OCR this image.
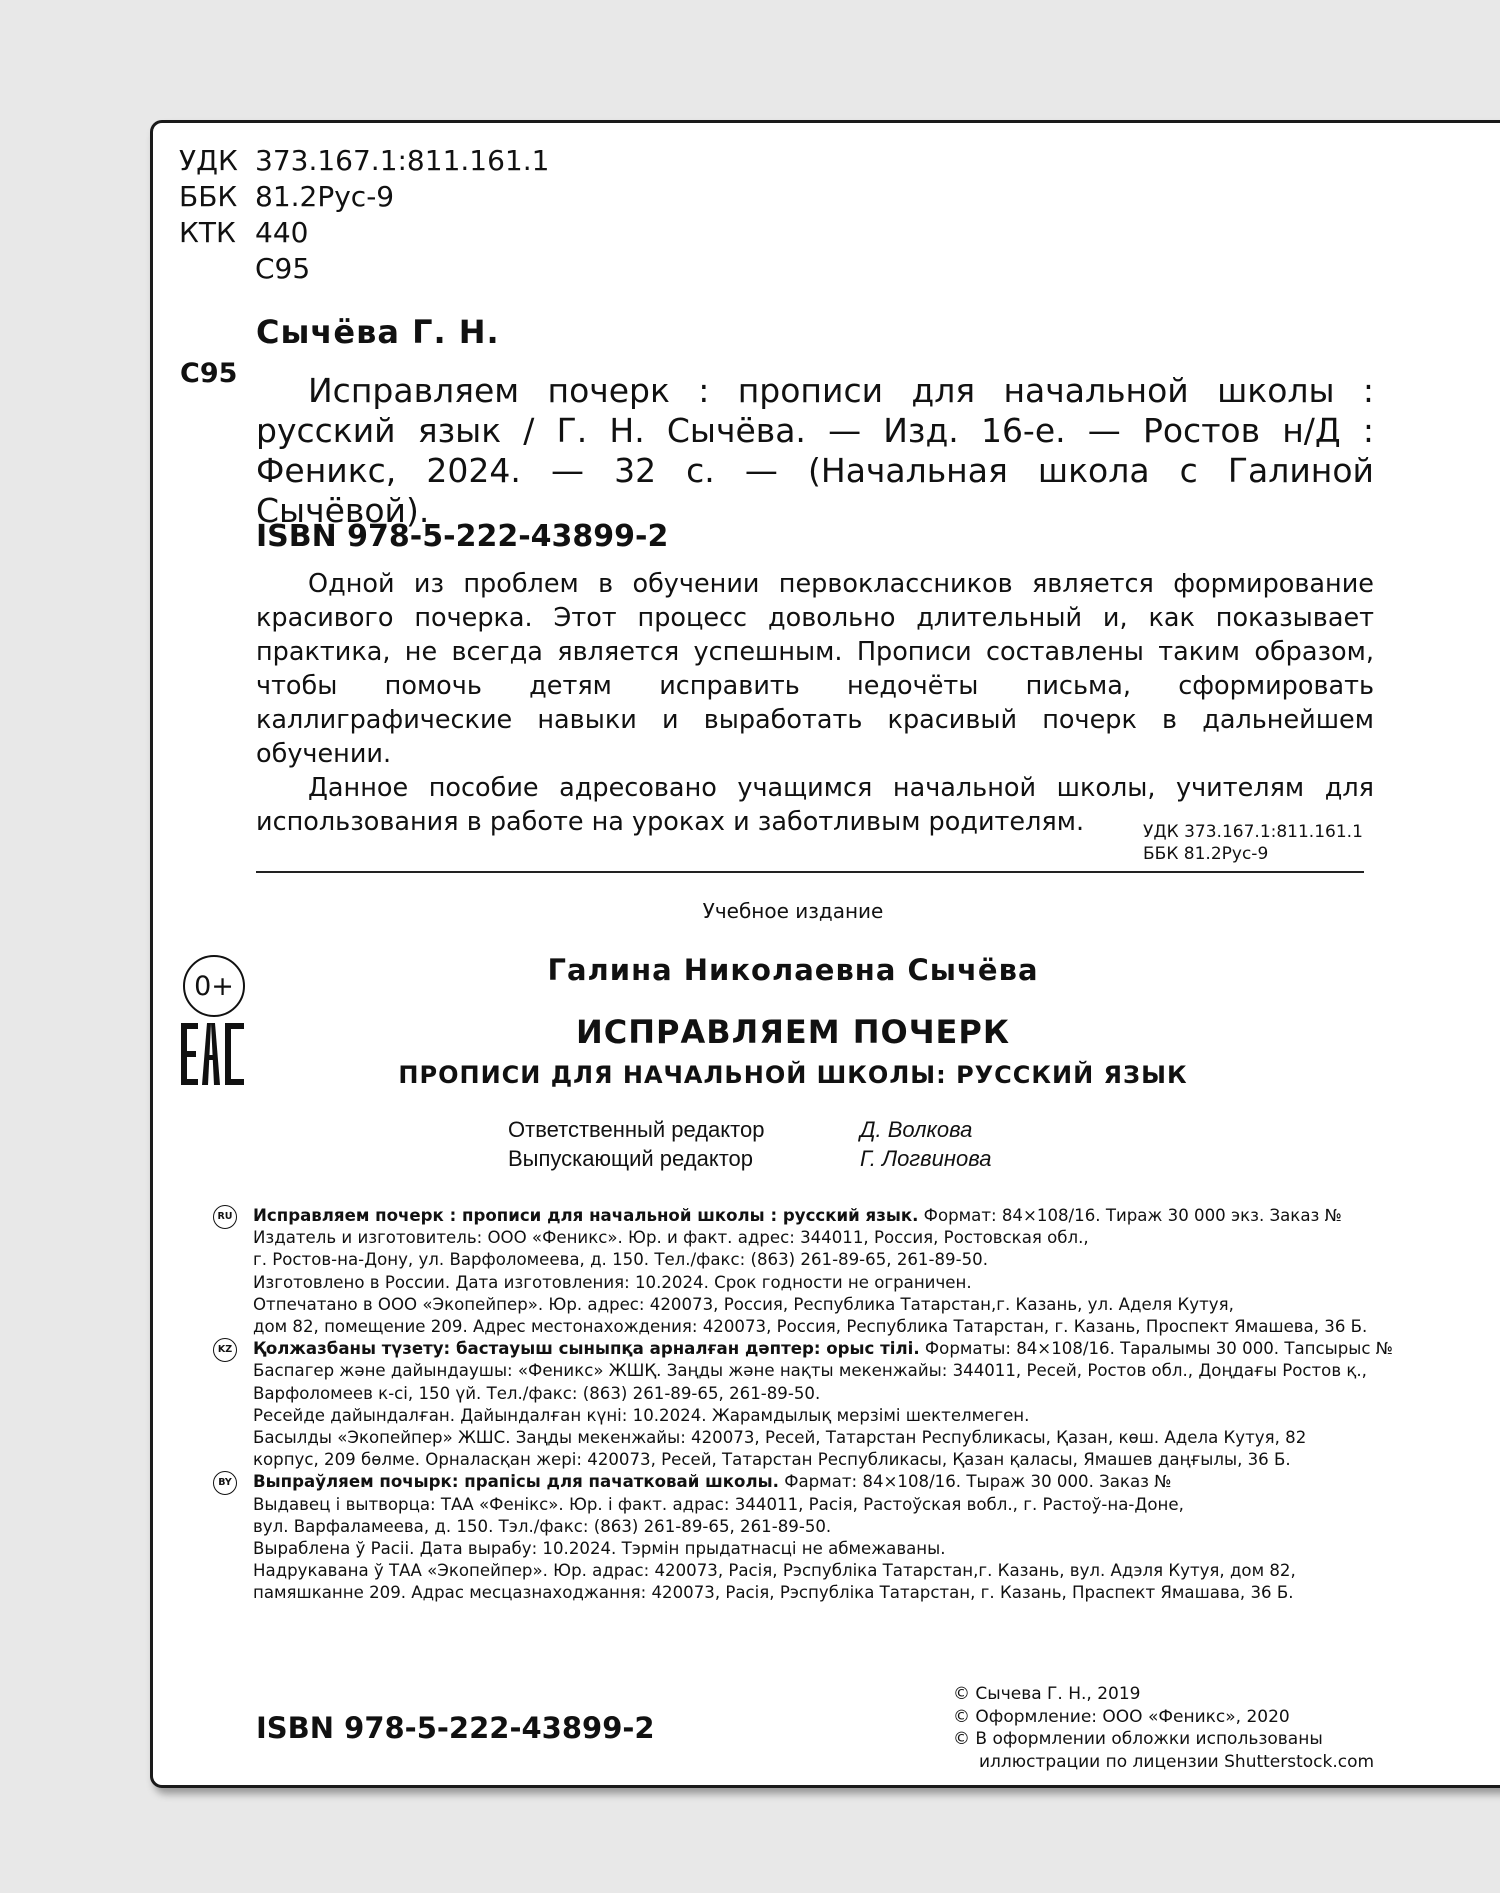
УДК 373.167.1:811.161.1
ББК 81.2Рус-9
КТК 440
С95
Сычёва Г. Н.
С95	Исправляем почерк : прописи для начальной школы : русский язык / Г. Н. Сычёва. — Изд. 16-е. — Ростов н/Д : Феникс, 2024. — 32 с. — (Начальная школа с Галиной Сычёвой).
ISBN 978-5-222-43899-2

Одной из проблем в обучении первоклассников является формирование красивого почерка. Этот процесс довольно длительный и, как показывает практика, не всегда является успешным. Прописи составлены таким образом, чтобы помочь детям исправить недочёты письма, сформировать каллиграфические навыки и выработать красивый почерк в дальнейшем обучении.

Данное пособие адресовано учащимся начальной школы, учителям для использования в работе на уроках и заботливым родителям.	УДК 373.167.1:811.161.1
ББК 81.2Рус-9
Учебное издание
0+	Галина Николаевна Сычёва
ИСПРАВЛЯЕМ ПОЧЕРК
ПРОПИСИ ДЛЯ НАЧАЛЬНОЙ ШКОЛЫ: РУССКИЙ ЯЗЫК
Ответственный редактор	Д. Волкова
Выпускающий редактор	Г. Логвинова
RU Исправляем почерк : прописи для начальной школы : русский язык. Формат: 84×108/16. Тираж 30 000 экз. Заказ №
Издатель и изготовитель: ООО «Феникс». Юр. и факт. адрес: 344011, Россия, Ростовская обл.,
г. Ростов-на-Дону, ул. Варфоломеева, д. 150. Тел./факс: (863) 261-89-65, 261-89-50.
Изготовлено в России. Дата изготовления: 10.2024. Срок годности не ограничен.
Отпечатано в ООО «Экопейпер». Юр. адрес: 420073, Россия, Республика Татарстан,г. Казань, ул. Аделя Кутуя,
дом 82, помещение 209. Адрес местонахождения: 420073, Россия, Республика Татарстан, г. Казань, Проспект Ямашева, 36 Б.
KZ Қолжазбаны түзету: бастауыш сыныпқа арналған дәптер: орыс тілі. Форматы: 84×108/16. Таралымы 30 000. Тапсырыс №
Баспагер және дайындаушы: «Феникс» ЖШҚ. Заңды және нақты мекенжайы: 344011, Ресей, Ростов обл., Доңдағы Ростов қ.,
Варфоломеев к-сі, 150 үй. Тел./факс: (863) 261-89-65, 261-89-50.
Ресейде дайындалған. Дайындалған күні: 10.2024. Жарамдылық мерзімі шектелмеген.
Басылды «Экопейпер» ЖШС. Заңды мекенжайы: 420073, Ресей, Татарстан Республикасы, Қазан, көш. Адела Кутуя, 82
корпус, 209 бөлме. Орналасқан жері: 420073, Ресей, Татарстан Республикасы, Қазан қаласы, Ямашев даңғылы, 36 Б.
BY	Выпраўляем почырк: прапісы для пачатковай школы. Фармат: 84×108/16. Тыраж 30 000. Заказ №
Выдавец і вытворца: ТАА «Фенікс». Юр. і факт. адрас: 344011, Расія, Растоўская вобл., г. Растоў-на-Доне,
вул. Варфаламеева, д. 150. Тэл./факс: (863) 261-89-65, 261-89-50.
Выраблена ў Расіі. Дата вырабу: 10.2024. Тэрмін прыдатнасці не абмежаваны.
Надрукавана ў ТАА «Экопейпер». Юр. адрас: 420073, Расія, Рэспубліка Татарстан,г. Казань, вул. Адэля Кутуя, дом 82,
памяшканне 209. Адрас месцазнаходжання: 420073, Расія, Рэспубліка Татарстан, г. Казань, Праспект Ямашава, 36 Б.
ISBN 978-5-222-43899-2
© Сычева Г. Н., 2019
© Оформление: ООО «Феникс», 2020
© В оформлении обложки использованы
иллюстрации по лицензии Shutterstock.com
